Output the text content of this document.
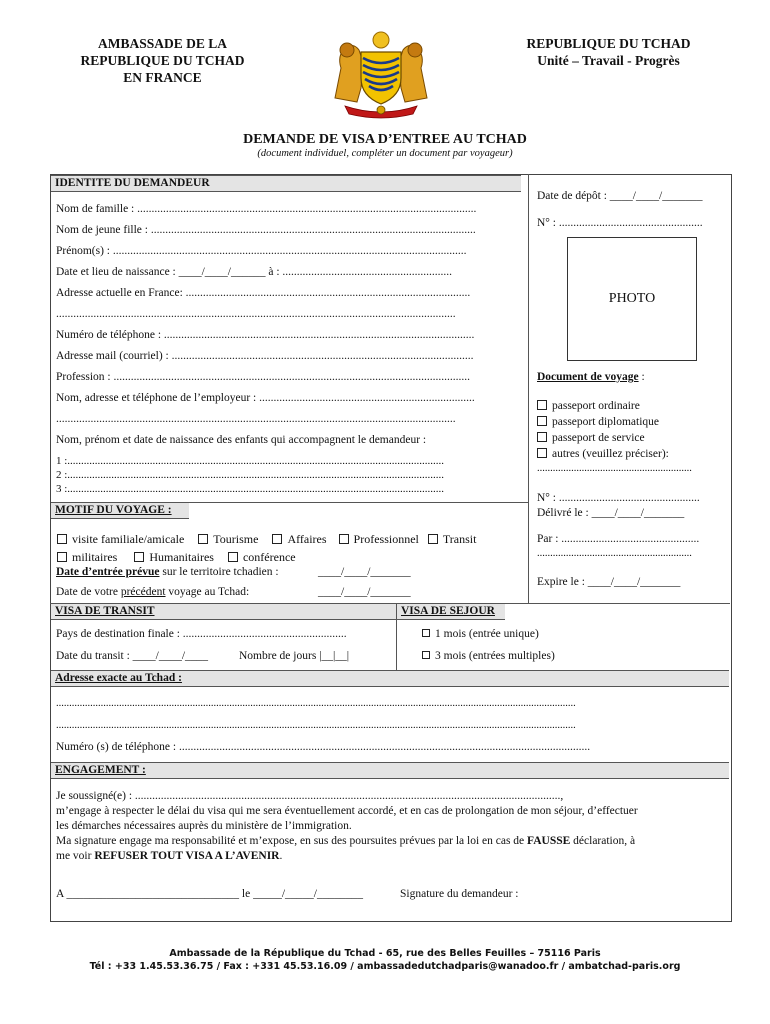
AMBASSADE DE LA
REPUBLIQUE DU TCHAD
EN FRANCE
REPUBLIQUE DU TCHAD
Unité – Travail - Progrès
DEMANDE DE VISA D’ENTREE AU TCHAD
(document individuel, compléter un document par voyageur)
IDENTITE DU DEMANDEUR
Nom de famille : ......................................................................................................................
Nom de jeune fille : .................................................................................................................
Prénom(s) : ...........................................................................................................................
Date et lieu de naissance : ____/____/______ à : ...........................................................
Adresse actuelle en France: ...................................................................................................
...........................................................................................................................................
Numéro de téléphone : ............................................................................................................
Adresse mail (courriel) : .........................................................................................................
Profession : ............................................................................................................................
Nom, adresse et téléphone de l’employeur : ...........................................................................
...........................................................................................................................................
Nom, prénom et date de naissance des enfants qui accompagnent le demandeur :
1 :.........................................................................................................................................
2 :.........................................................................................................................................
3 :.........................................................................................................................................
Date de dépôt : ____/____/_______
N° : ..................................................
PHOTO
Document de voyage :
passeport ordinaire
passeport diplomatique
passeport de service
autres (veuillez préciser):
...........................................................
N° : .................................................
Délivré le : ____/____/_______
Par : ................................................
...........................................................
Expire le : ____/____/_______
MOTIF DU VOYAGE :
visite familiale/amicale Tourisme Affaires Professionnel Transit
militaires	Humanitaires conférence
Date d’entrée prévue sur le territoire tchadien :	____/____/_______
Date de votre précédent voyage au Tchad:	____/____/_______
VISA DE TRANSIT	VISA DE SEJOUR
Pays de destination finale : .........................................................
Date du transit : ____/____/____	Nombre de jours |__|__|
1 mois (entrée unique)
3 mois (entrées multiples)
Adresse exacte au Tchad :
......................................................................................................................................................................................................
......................................................................................................................................................................................................
Numéro (s) de téléphone : ...............................................................................................................................................
ENGAGEMENT :
Je soussigné(e) : ....................................................................................................................................................,
m’engage à respecter le délai du visa qui me sera éventuellement accordé, et en cas de prolongation de mon séjour, d’effectuer
les démarches nécessaires auprès du ministère de l’immigration.
Ma signature engage ma responsabilité et m’expose, en sus des poursuites prévues par la loi en cas de FAUSSE déclaration, à
me voir REFUSER TOUT VISA A L’AVENIR.
A ______________________________ le _____/_____/________	Signature du demandeur :
Ambassade de la République du Tchad - 65, rue des Belles Feuilles – 75116 Paris
Tél : +33 1.45.53.36.75 / Fax : +331 45.53.16.09 / ambassadedutchadparis@wanadoo.fr / ambatchad-paris.org
